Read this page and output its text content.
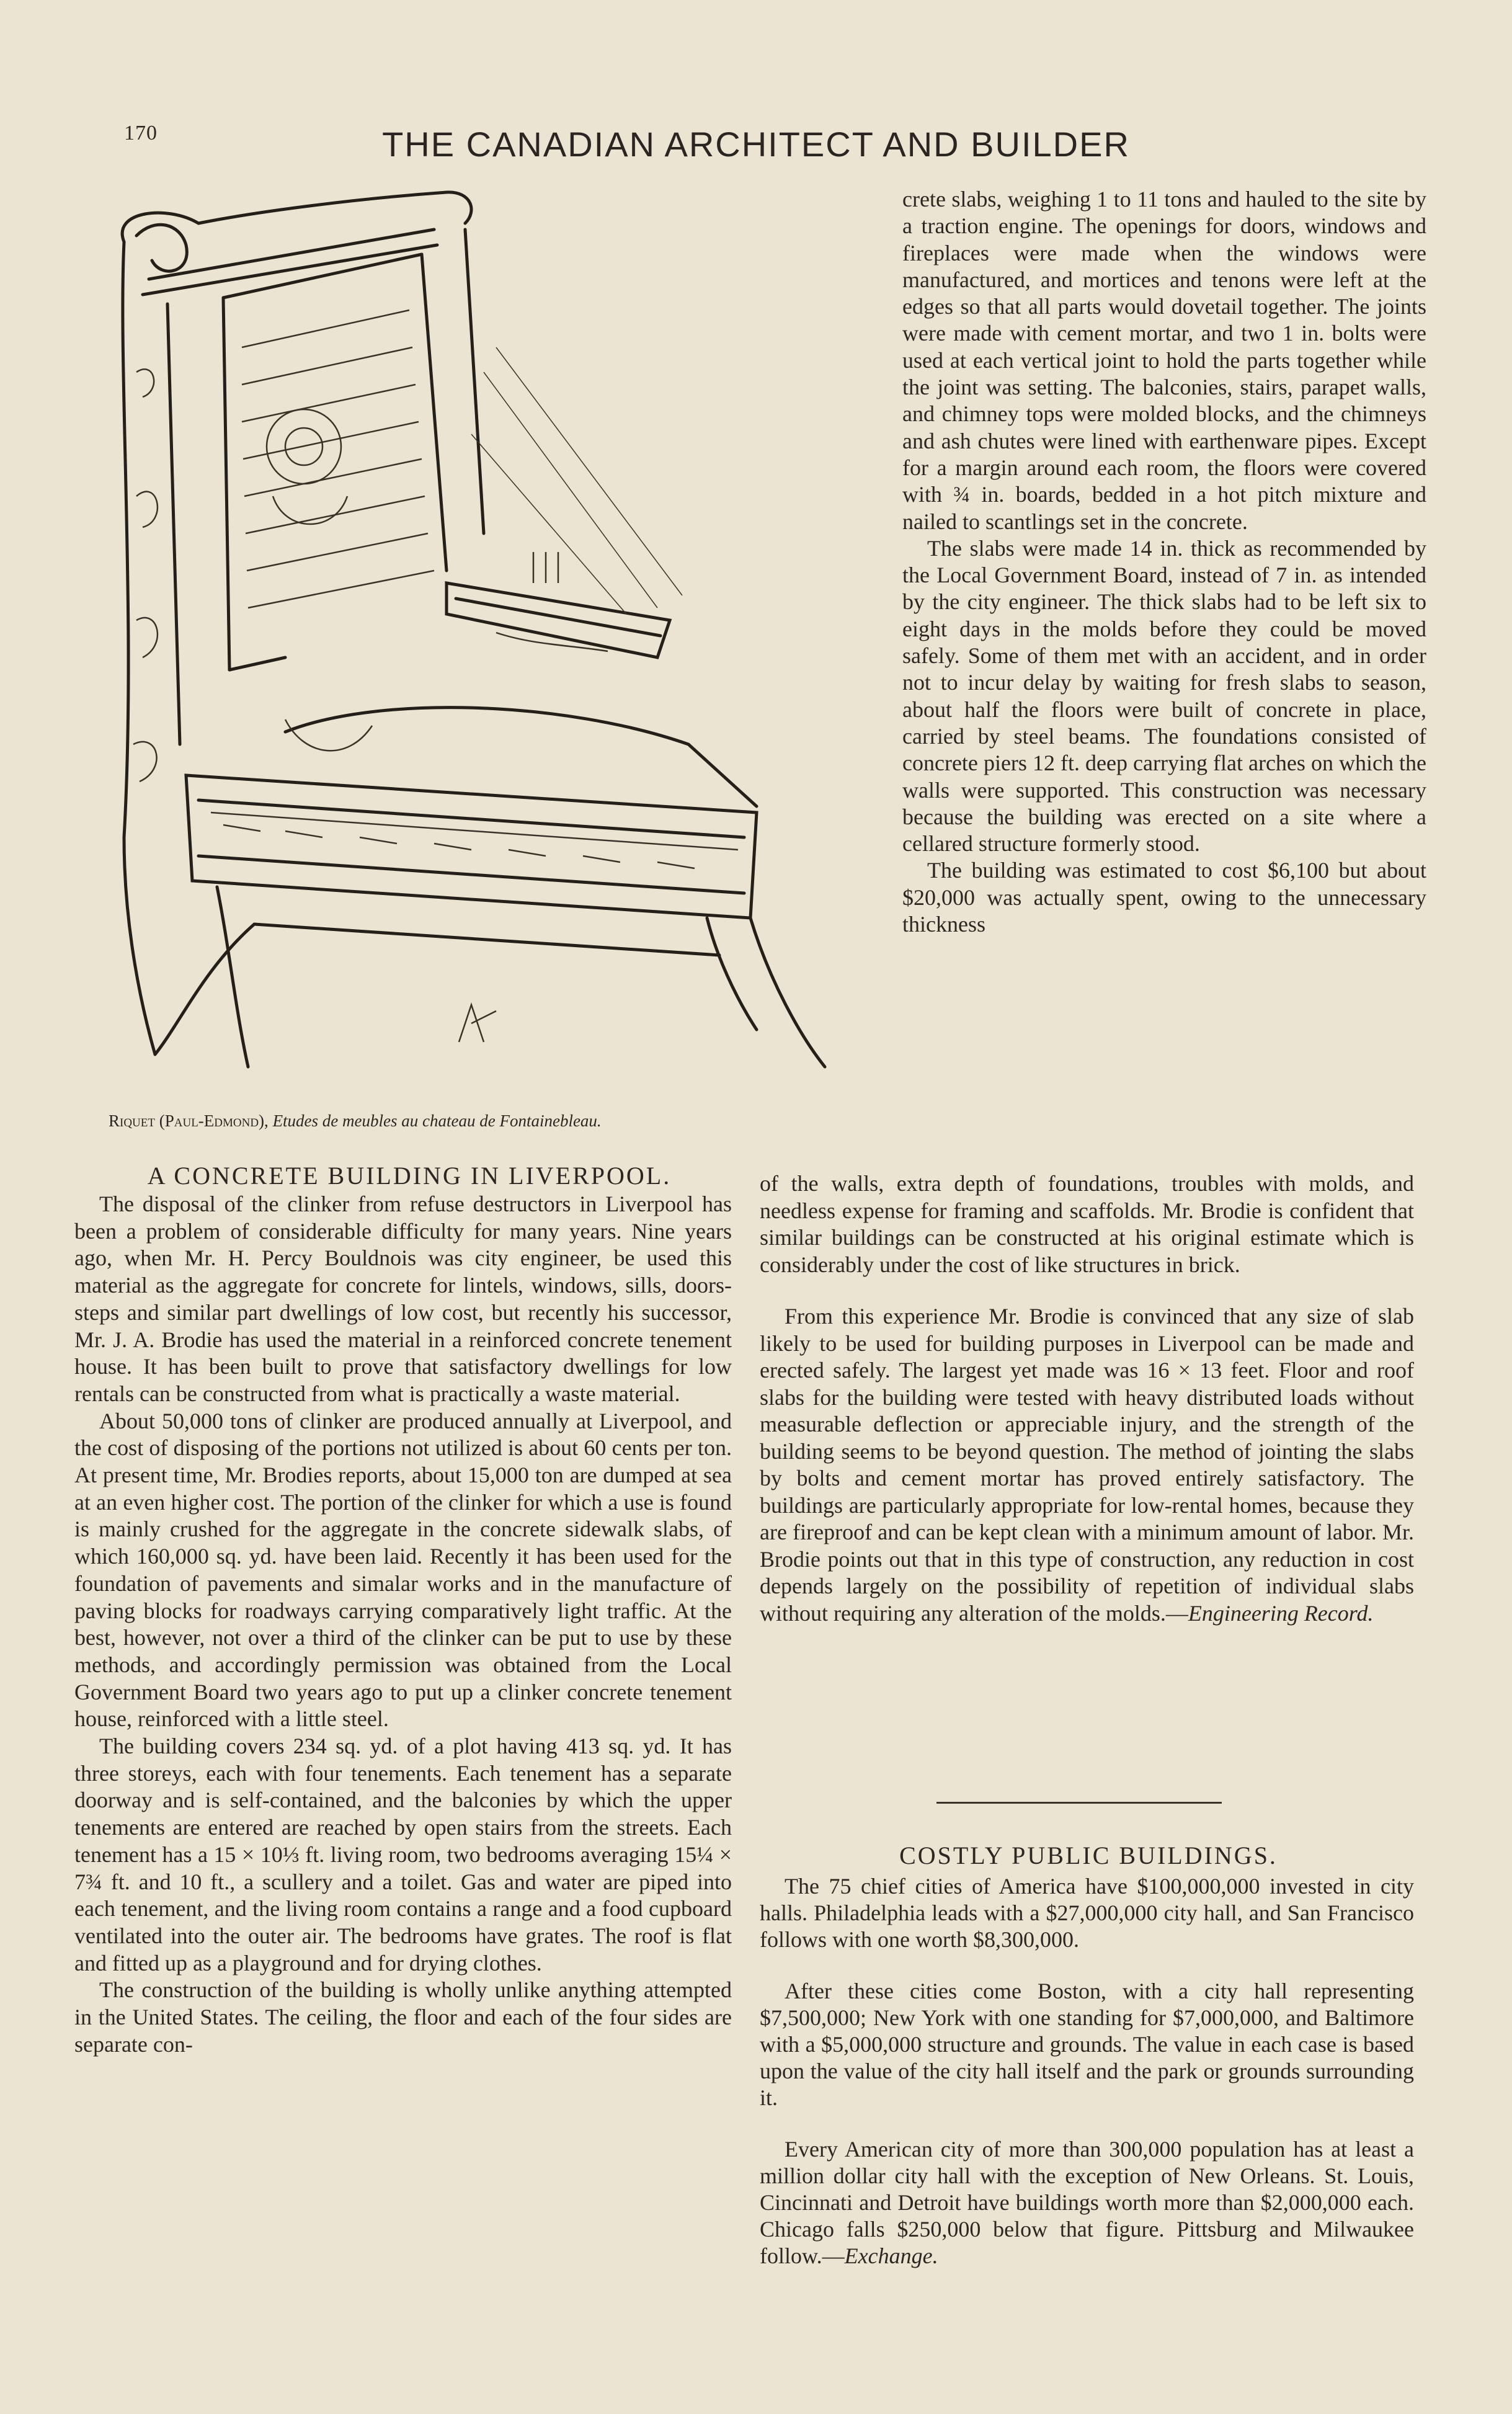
170	THE CANADIAN ARCHITECT AND BUILDER
Riquet (Paul-Edmond), Etudes de meubles au chateau de Fontainebleau.
A CONCRETE BUILDING IN LIVERPOOL.

The disposal of the clinker from refuse destructors in Liverpool has been a problem of considerable difficulty for many years. Nine years ago, when Mr. H. Percy Bouldnois was city engineer, be used this material as the aggregate for concrete for lintels, windows, sills, doors-steps and similar part dwellings of low cost, but recently his successor, Mr. J. A. Brodie has used the material in a reinforced concrete tenement house. It has been built to prove that satisfactory dwellings for low rentals can be constructed from what is practically a waste material.

About 50,000 tons of clinker are produced annually at Liverpool, and the cost of disposing of the portions not utilized is about 60 cents per ton. At present time, Mr. Brodies reports, about 15,000 ton are dumped at sea at an even higher cost. The portion of the clinker for which a use is found is mainly crushed for the aggregate in the concrete sidewalk slabs, of which 160,000 sq. yd. have been laid. Recently it has been used for the foundation of pavements and simalar works and in the manufacture of paving blocks for roadways carrying comparatively light traffic. At the best, however, not over a third of the clinker can be put to use by these methods, and accordingly permission was obtained from the Local Government Board two years ago to put up a clinker concrete tenement house, reinforced with a little steel.

The building covers 234 sq. yd. of a plot having 413 sq. yd. It has three storeys, each with four tenements. Each tenement has a separate doorway and is self-contained, and the balconies by which the upper tenements are entered are reached by open stairs from the streets. Each tenement has a 15 × 10⅓ ft. living room, two bedrooms averaging 15¼ × 7¾ ft. and 10 ft., a scullery and a toilet. Gas and water are piped into each tenement, and the living room contains a range and a food cupboard ventilated into the outer air. The bedrooms have grates. The roof is flat and fitted up as a playground and for drying clothes.

The construction of the building is wholly unlike anything attempted in the United States. The ceiling, the floor and each of the four sides are separate con-

crete slabs, weighing 1 to 11 tons and hauled to the site by a traction engine. The openings for doors, windows and fireplaces were made when the windows were manufactured, and mortices and tenons were left at the edges so that all parts would dovetail together. The joints were made with cement mortar, and two 1 in. bolts were used at each vertical joint to hold the parts together while the joint was setting. The balconies, stairs, parapet walls, and chimney tops were molded blocks, and the chimneys and ash chutes were lined with earthenware pipes. Except for a margin around each room, the floors were covered with ¾ in. boards, bedded in a hot pitch mixture and nailed to scantlings set in the concrete.

The slabs were made 14 in. thick as recommended by the Local Government Board, instead of 7 in. as intended by the city engineer. The thick slabs had to be left six to eight days in the molds before they could be moved safely. Some of them met with an accident, and in order not to incur delay by waiting for fresh slabs to season, about half the floors were built of concrete in place, carried by steel beams. The foundations consisted of concrete piers 12 ft. deep carrying flat arches on which the walls were supported. This construction was necessary because the building was erected on a site where a cellared structure formerly stood.

The building was estimated to cost $6,100 but about $20,000 was actually spent, owing to the unnecessary thickness

of the walls, extra depth of foundations, troubles with molds, and needless expense for framing and scaffolds. Mr. Brodie is confident that similar buildings can be constructed at his original estimate which is considerably under the cost of like structures in brick.

From this experience Mr. Brodie is convinced that any size of slab likely to be used for building purposes in Liverpool can be made and erected safely. The largest yet made was 16 × 13 feet. Floor and roof slabs for the building were tested with heavy distributed loads without measurable deflection or appreciable injury, and the strength of the building seems to be beyond question. The method of jointing the slabs by bolts and cement mortar has proved entirely satisfactory. The buildings are particularly appropriate for low-rental homes, because they are fireproof and can be kept clean with a minimum amount of labor. Mr. Brodie points out that in this type of construction, any reduction in cost depends largely on the possibility of repetition of individual slabs without requiring any alteration of the molds.—Engineering Record.

COSTLY PUBLIC BUILDINGS.

The 75 chief cities of America have $100,000,000 invested in city halls. Philadelphia leads with a $27,000,000 city hall, and San Francisco follows with one worth $8,300,000.

After these cities come Boston, with a city hall representing $7,500,000; New York with one standing for $7,000,000, and Baltimore with a $5,000,000 structure and grounds. The value in each case is based upon the value of the city hall itself and the park or grounds surrounding it.

Every American city of more than 300,000 population has at least a million dollar city hall with the exception of New Orleans. St. Louis, Cincinnati and Detroit have buildings worth more than $2,000,000 each. Chicago falls $250,000 below that figure. Pittsburg and Milwaukee follow.—Exchange.
